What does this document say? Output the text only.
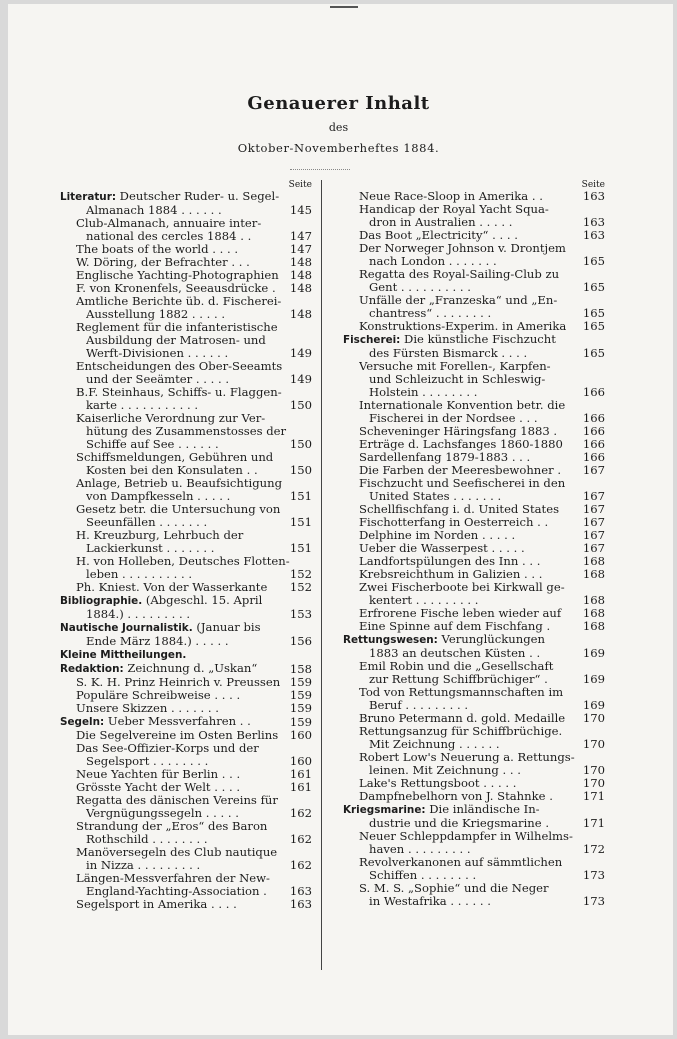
Genauerer Inhalt
des
Oktober-Novemberheftes 1884.
Seite
Literatur: Deutscher Ruder- u. Segel-
Almanach 1884 . . . . . .	145
Club-Almanach, annuaire inter-
national des cercles 1884 . .	147
The boats of the world . . . .	147
W. Döring, der Befrachter . . .	148
Englische Yachting-Photographien 148
F. von Kronenfels, Seeausdrücke .	148
Amtliche Berichte üb. d. Fischerei-
Ausstellung 1882 . . . . .	148
Reglement für die infanteristische
Ausbildung der Matrosen- und
Werft-Divisionen . . . . . .	149
Entscheidungen des Ober-Seeamts
und der Seeämter . . . . .	149
B.F. Steinhaus, Schiffs- u. Flaggen-
karte . . . . . . . . . . .	150
Kaiserliche Verordnung zur Ver-
hütung des Zusammenstosses der
Schiffe auf See . . . . . .	150
Schiffsmeldungen, Gebühren und
Kosten bei den Konsulaten . .	150
Anlage, Betrieb u. Beaufsichtigung
von Dampfkesseln . . . . .	151
Gesetz betr. die Untersuchung von
Seeunfällen . . . . . . .	151
H. Kreuzburg, Lehrbuch der
Lackierkunst . . . . . . .	151
H. von Holleben, Deutsches Flotten-
leben . . . . . . . . . .	152
Ph. Kniest. Von der Wasserkante	152
Bibliographie. (Abgeschl. 15. April
1884.) . . . . . . . . .	153
Nautische Journalistik. (Januar bis
Ende März 1884.) . . . . .	156
Kleine Mittheilungen.
Redaktion: Zeichnung d. „Uskan“	158
S. K. H. Prinz Heinrich v. Preussen 159
Populäre Schreibweise . . . .	159
Unsere Skizzen . . . . . . .	159
Segeln: Ueber Messverfahren . .	159
Die Segelvereine im Osten Berlins	160
Das See-Offizier-Korps und der
Segelsport . . . . . . . .	160
Neue Yachten für Berlin . . .	161
Grösste Yacht der Welt . . . .	161
Regatta des dänischen Vereins für
Vergnügungssegeln . . . . .	162
Strandung der „Eros“ des Baron
Rothschild . . . . . . . .	162
Manöversegeln des Club nautique
in Nizza . . . . . . . . .	162
Längen-Messverfahren der New-
England-Yachting-Association .	163
Segelsport in Amerika . . . .	163
Seite
Neue Race-Sloop in Amerika . .	163
Handicap der Royal Yacht Squa-
dron in Australien . . . . .	163
Das Boot „Electricity“ . . . .	163
Der Norweger Johnson v. Drontjem
nach London . . . . . . .	165
Regatta des Royal-Sailing-Club zu
Gent . . . . . . . . . .	165
Unfälle der „Franzeska“ und „En-
chantress“ . . . . . . . .	165
Konstruktions-Experim. in Amerika	165
Fischerei: Die künstliche Fischzucht
des Fürsten Bismarck . . . .	165
Versuche mit Forellen-, Karpfen-
und Schleizucht in Schleswig-
Holstein . . . . . . . .	166
Internationale Konvention betr. die
Fischerei in der Nordsee . . .	166
Scheveninger Häringsfang 1883 .	166
Erträge d. Lachsfanges 1860-1880	166
Sardellenfang 1879-1883 . . .	166
Die Farben der Meeresbewohner .	167
Fischzucht und Seefischerei in den
United States . . . . . . .	167
Schellfischfang i. d. United States	167
Fischotterfang in Oesterreich . .	167
Delphine im Norden . . . . .	167
Ueber die Wasserpest . . . . .	167
Landfortspülungen des Inn . . .	168
Krebsreichthum in Galizien . . .	168
Zwei Fischerboote bei Kirkwall ge-
kentert . . . . . . . . .	168
Erfrorene Fische leben wieder auf	168
Eine Spinne auf dem Fischfang .	168
Rettungswesen: Verunglückungen
1883 an deutschen Küsten . .	169
Emil Robin und die „Gesellschaft
zur Rettung Schiffbrüchiger“ .	169
Tod von Rettungsmannschaften im
Beruf . . . . . . . . .	169
Bruno Petermann d. gold. Medaille	170
Rettungsanzug für Schiffbrüchige.
Mit Zeichnung . . . . . .	170
Robert Low's Neuerung a. Rettungs-
leinen. Mit Zeichnung . . .	170
Lake's Rettungsboot . . . . .	170
Dampfnebelhorn von J. Stahnke .	171
Kriegsmarine: Die inländische In-
dustrie und die Kriegsmarine .	171
Neuer Schleppdampfer in Wilhelms-
haven . . . . . . . . .	172
Revolverkanonen auf sämmtlichen
Schiffen . . . . . . . .	173
S. M. S. „Sophie“ und die Neger
in Westafrika . . . . . .	173
